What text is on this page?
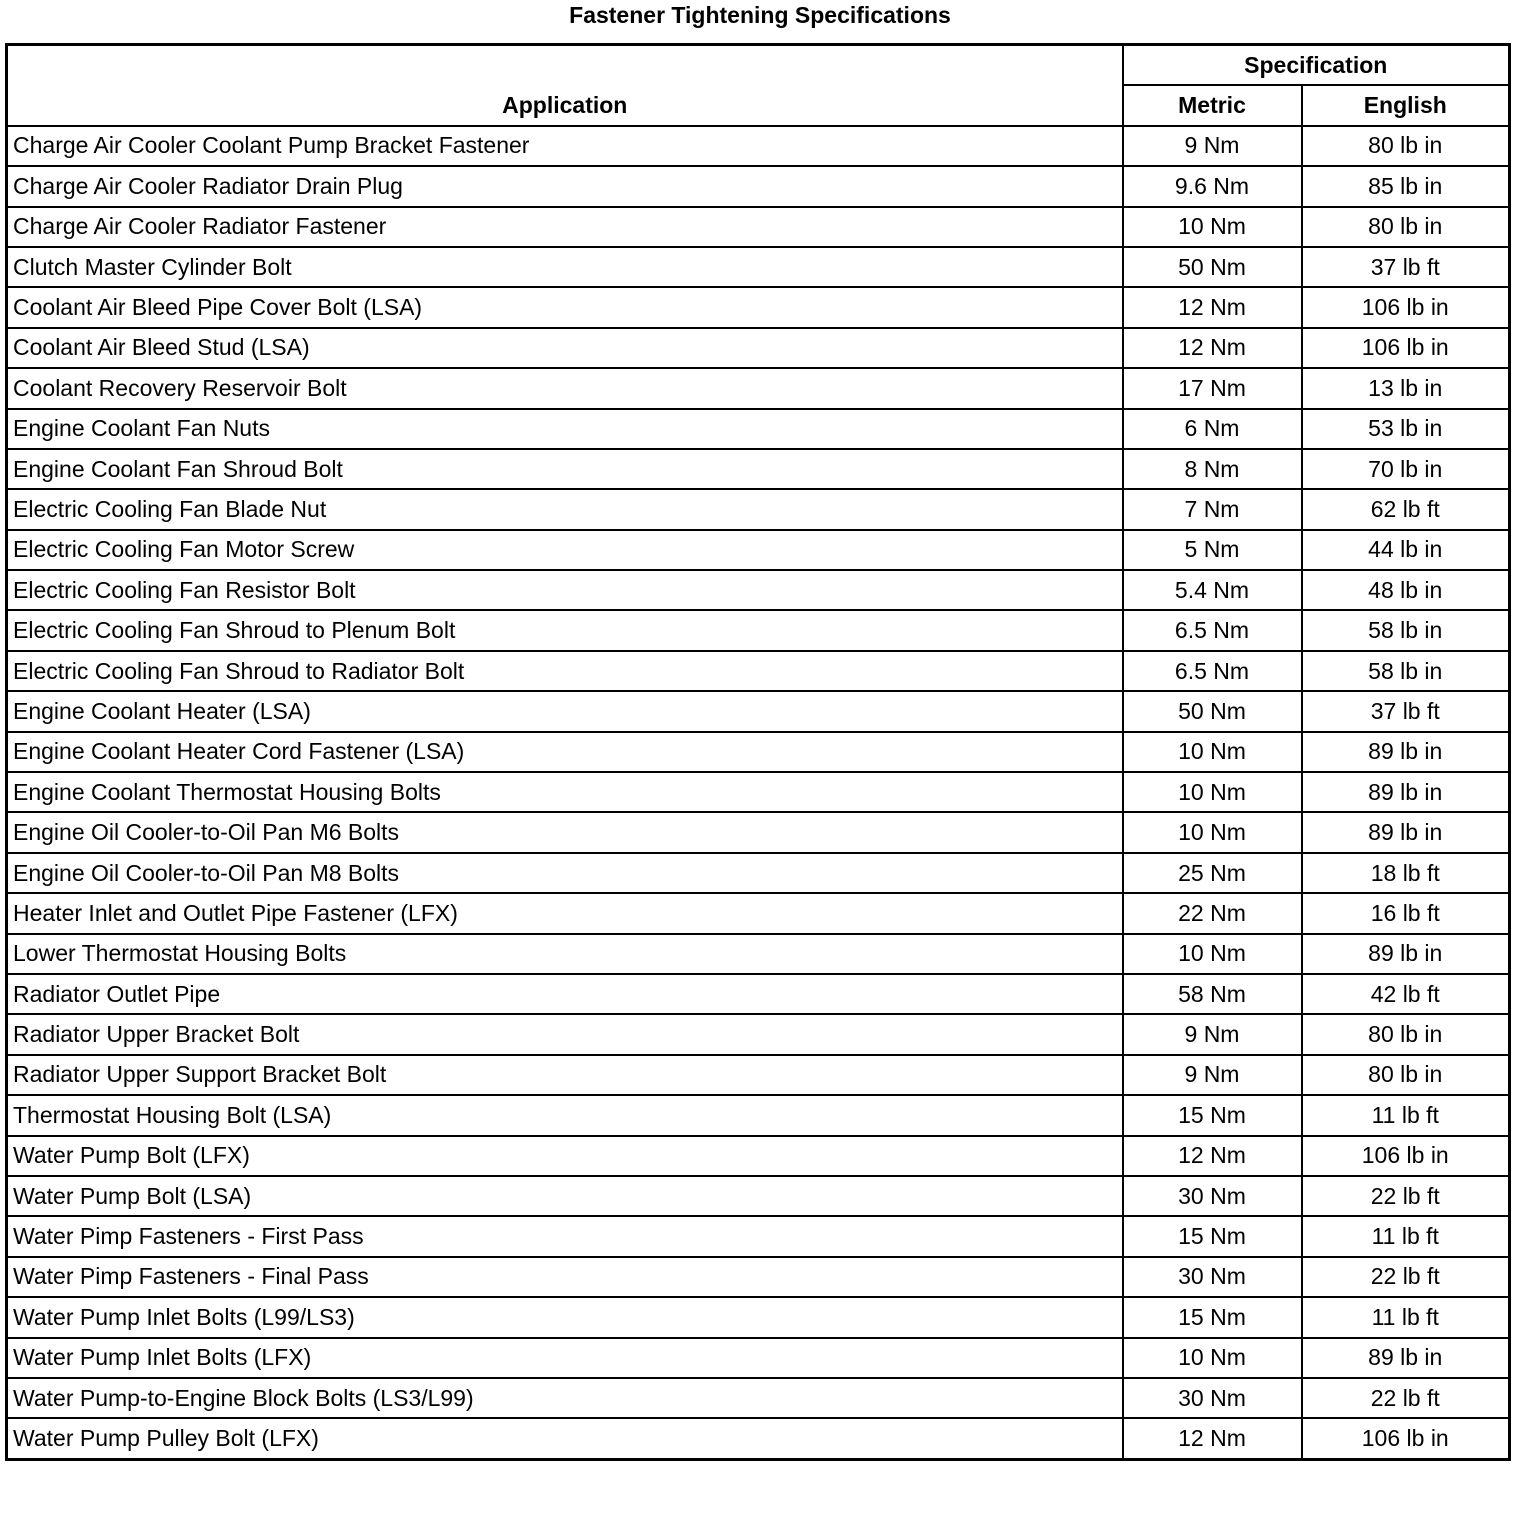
Fastener Tightening Specifications
Application	Specification	
	Metric	English
Charge Air Cooler Coolant Pump Bracket Fastener	9 Nm	80 lb in
Charge Air Cooler Radiator Drain Plug	9.6 Nm	85 lb in
Charge Air Cooler Radiator Fastener	10 Nm	80 lb in
Clutch Master Cylinder Bolt	50 Nm	37 lb ft
Coolant Air Bleed Pipe Cover Bolt (LSA)	12 Nm	106 lb in
Coolant Air Bleed Stud (LSA)	12 Nm	106 lb in
Coolant Recovery Reservoir Bolt	17 Nm	13 lb in
Engine Coolant Fan Nuts	6 Nm	53 lb in
Engine Coolant Fan Shroud Bolt	8 Nm	70 lb in
Electric Cooling Fan Blade Nut	7 Nm	62 lb ft
Electric Cooling Fan Motor Screw	5 Nm	44 lb in
Electric Cooling Fan Resistor Bolt	5.4 Nm	48 lb in
Electric Cooling Fan Shroud to Plenum Bolt	6.5 Nm	58 lb in
Electric Cooling Fan Shroud to Radiator Bolt	6.5 Nm	58 lb in
Engine Coolant Heater (LSA)	50 Nm	37 lb ft
Engine Coolant Heater Cord Fastener (LSA)	10 Nm	89 lb in
Engine Coolant Thermostat Housing Bolts	10 Nm	89 lb in
Engine Oil Cooler-to-Oil Pan M6 Bolts	10 Nm	89 lb in
Engine Oil Cooler-to-Oil Pan M8 Bolts	25 Nm	18 lb ft
Heater Inlet and Outlet Pipe Fastener (LFX)	22 Nm	16 lb ft
Lower Thermostat Housing Bolts	10 Nm	89 lb in
Radiator Outlet Pipe	58 Nm	42 lb ft
Radiator Upper Bracket Bolt	9 Nm	80 lb in
Radiator Upper Support Bracket Bolt	9 Nm	80 lb in
Thermostat Housing Bolt (LSA)	15 Nm	11 lb ft
Water Pump Bolt (LFX)	12 Nm	106 lb in
Water Pump Bolt (LSA)	30 Nm	22 lb ft
Water Pimp Fasteners - First Pass	15 Nm	11 lb ft
Water Pimp Fasteners - Final Pass	30 Nm	22 lb ft
Water Pump Inlet Bolts (L99/LS3)	15 Nm	11 lb ft
Water Pump Inlet Bolts (LFX)	10 Nm	89 lb in
Water Pump-to-Engine Block Bolts (LS3/L99)	30 Nm	22 lb ft
Water Pump Pulley Bolt (LFX)	12 Nm	106 lb in
